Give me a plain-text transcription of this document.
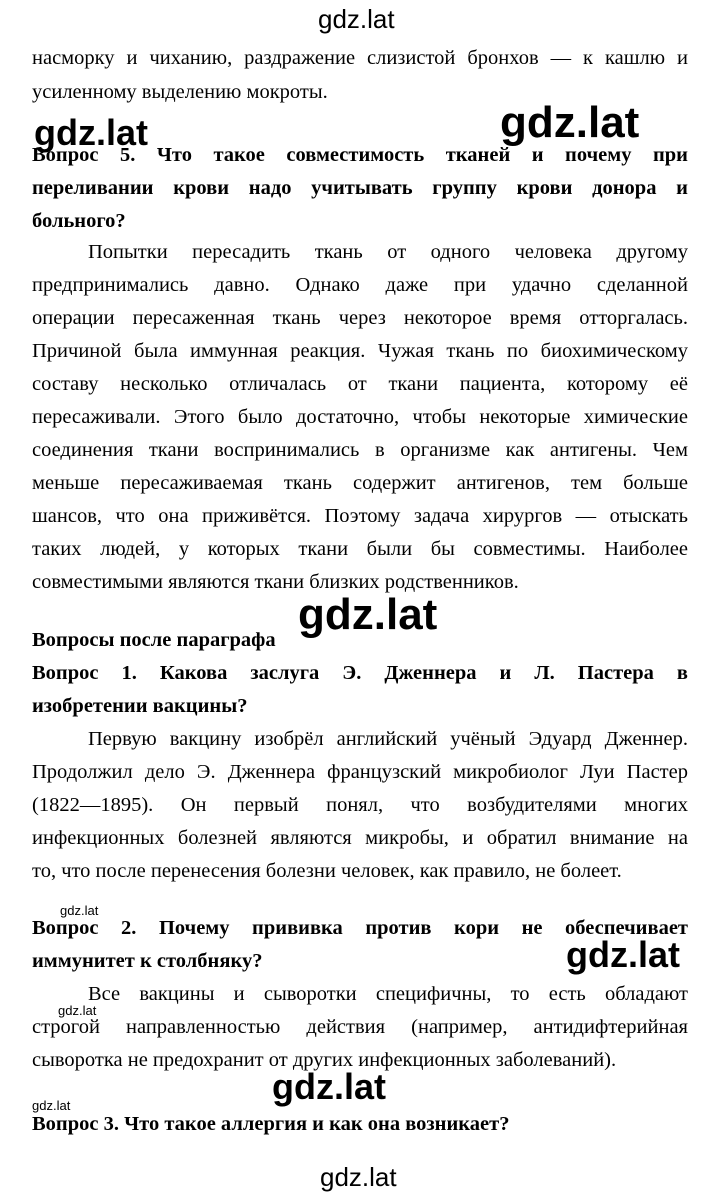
gdz.lat
gdz.lat	gdz.lat
gdz.lat
gdz.lat
gdz.lat
gdz.lat
gdz.lat
gdz.lat
gdz.lat
насморку и чиханию, раздражение слизистой бронхов — к кашлю и
усиленному выделению мокроты.
Вопрос 5. Что такое совместимость тканей и почему при
переливании крови надо учитывать группу крови донора и
больного?
Попытки пересадить ткань от одного человека другому
предпринимались давно. Однако даже при удачно сделанной
операции пересаженная ткань через некоторое время отторгалась.
Причиной была иммунная реакция. Чужая ткань по биохимическому
составу несколько отличалась от ткани пациента, которому её
пересаживали. Этого было достаточно, чтобы некоторые химические
соединения ткани воспринимались в организме как антигены. Чем
меньше пересаживаемая ткань содержит антигенов, тем больше
шансов, что она приживётся. Поэтому задача хирургов — отыскать
таких людей, у которых ткани были бы совместимы. Наиболее
совместимыми являются ткани близких родственников.
Вопросы после параграфа
Вопрос 1. Какова заслуга Э. Дженнера и Л. Пастера в
изобретении вакцины?
Первую вакцину изобрёл английский учёный Эдуард Дженнер.
Продолжил дело Э. Дженнера французский микробиолог Луи Пастер
(1822—1895). Он первый понял, что возбудителями многих
инфекционных болезней являются микробы, и обратил внимание на
то, что после перенесения болезни человек, как правило, не болеет.
Вопрос 2. Почему прививка против кори не обеспечивает
иммунитет к столбняку?
Все вакцины и сыворотки специфичны, то есть обладают
строгой направленностью действия (например, антидифтерийная
сыворотка не предохранит от других инфекционных заболеваний).
Вопрос 3. Что такое аллергия и как она возникает?
